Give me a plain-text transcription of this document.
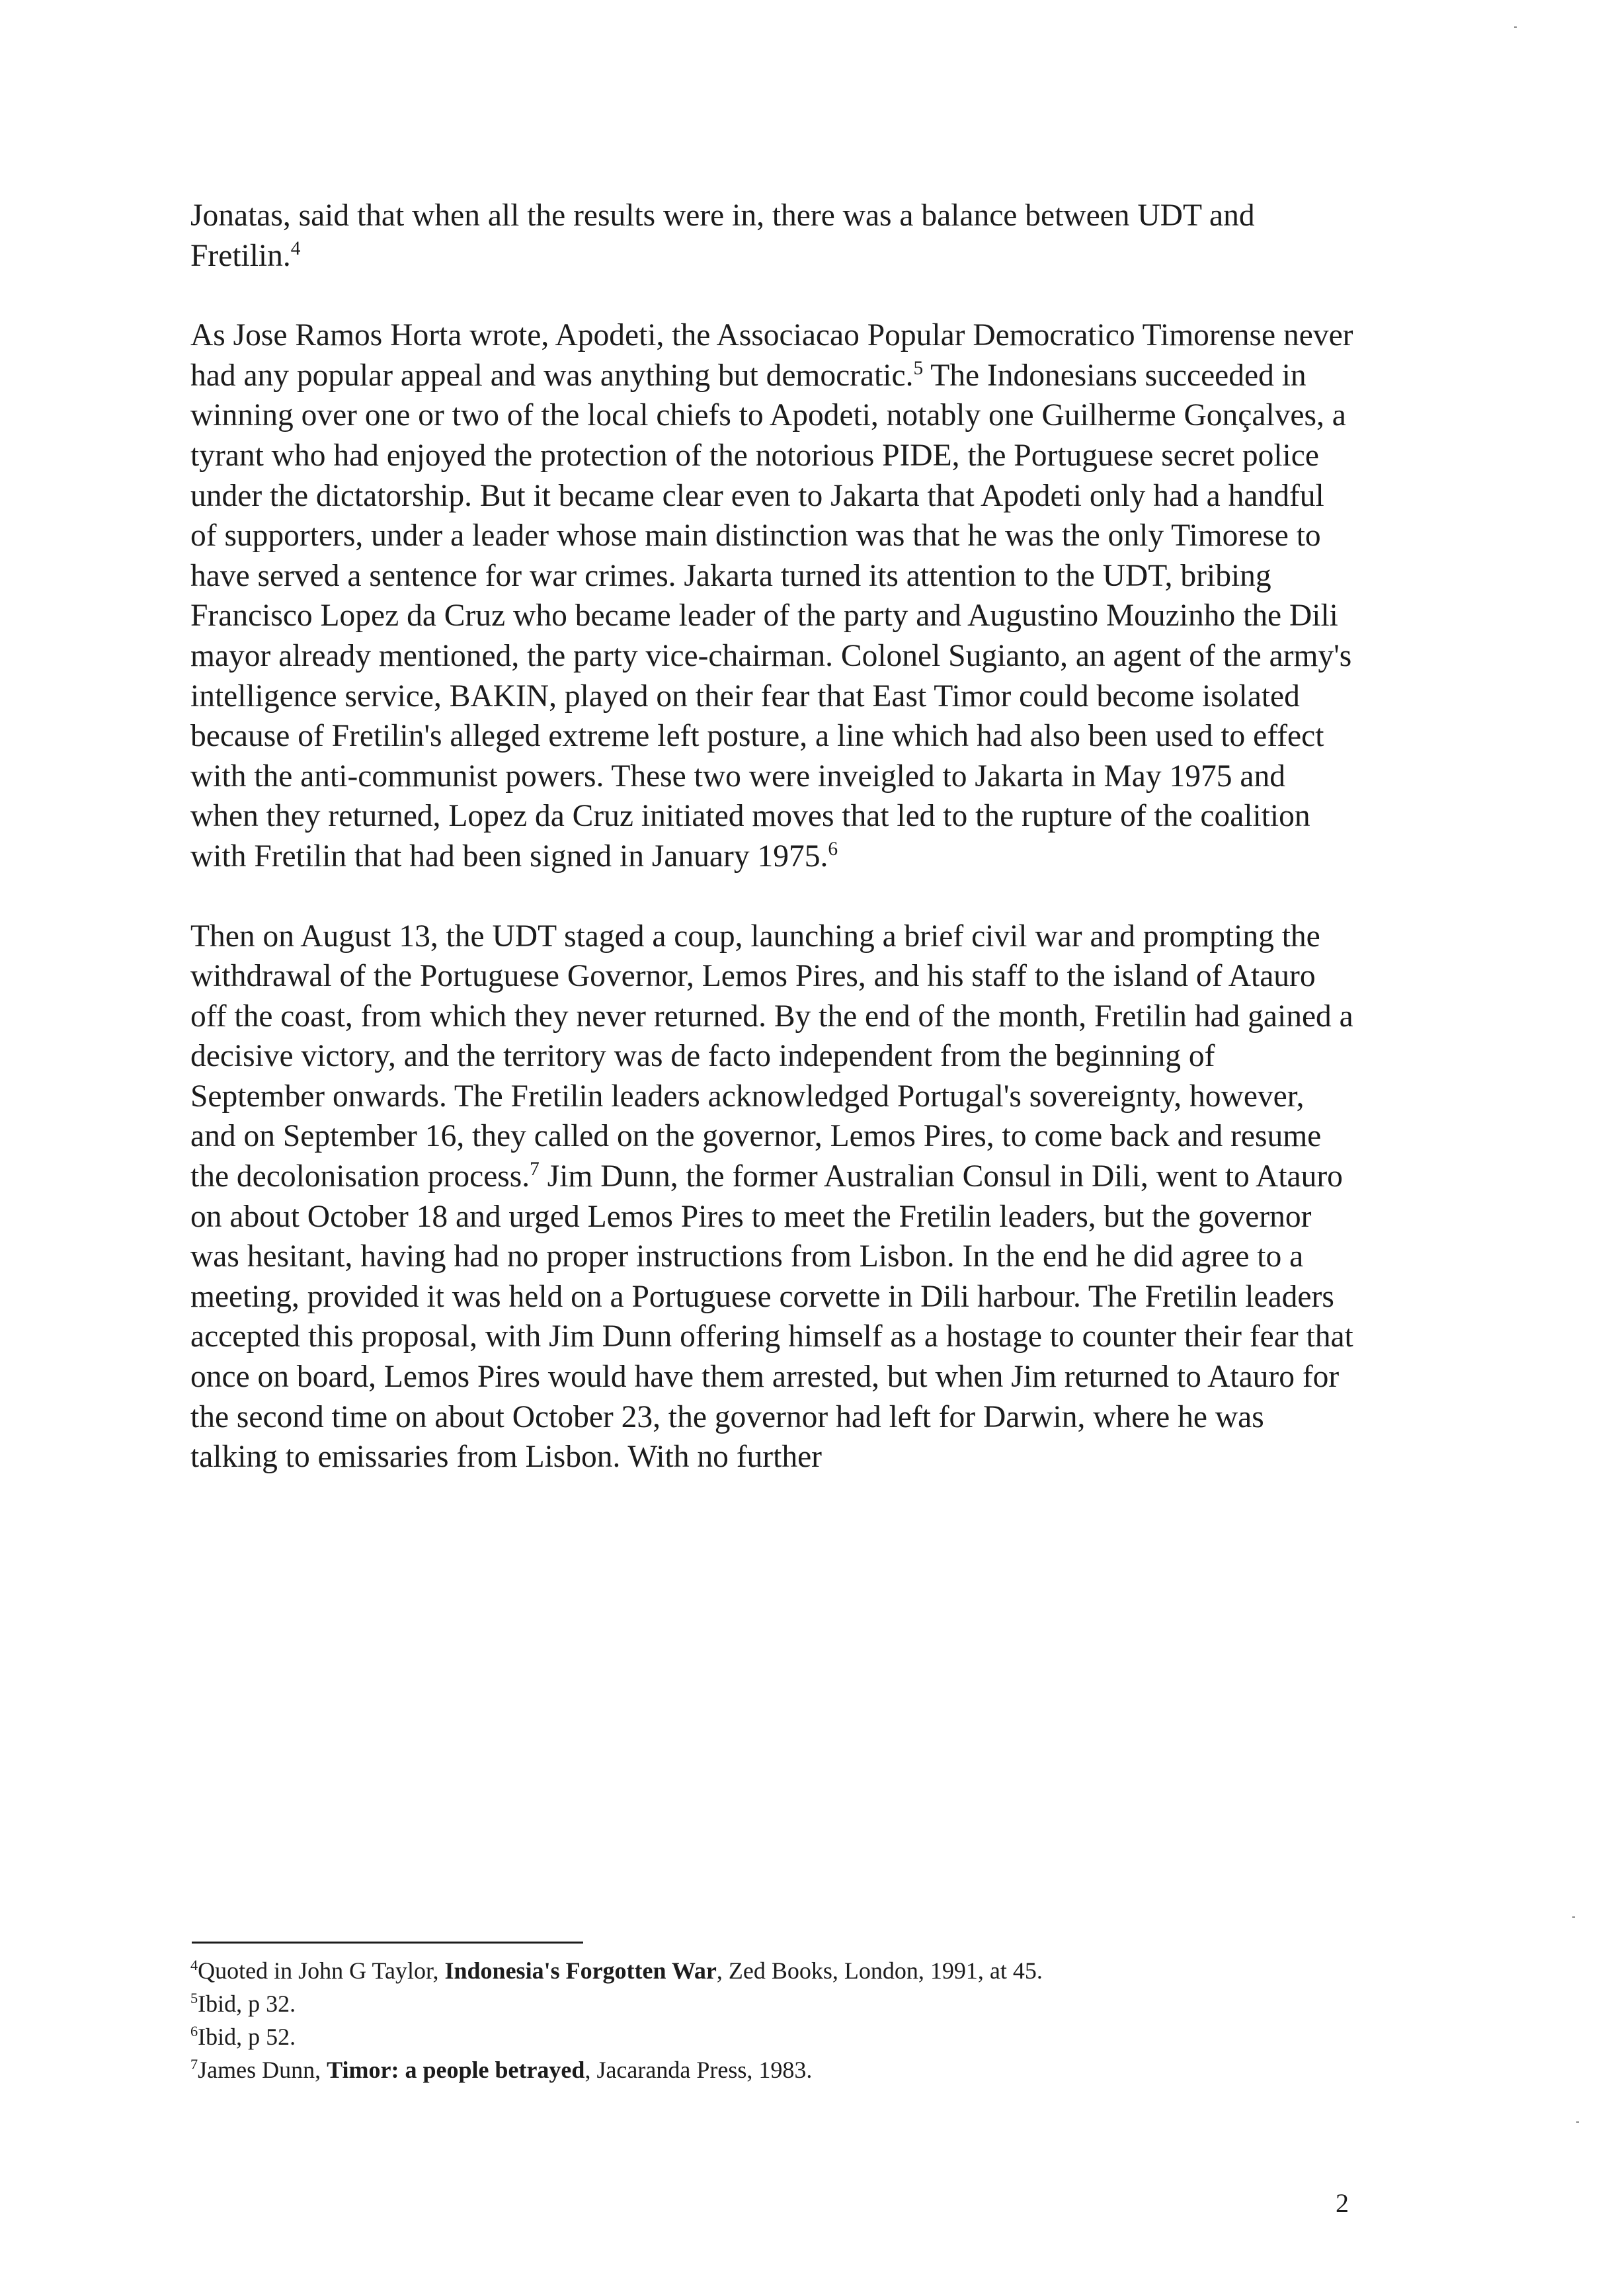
Jonatas, said that when all the results were in, there was a balance between UDT and Fretilin.$^4$

As Jose Ramos Horta wrote, Apodeti, the Associacao Popular Democratico Timorense never had any popular appeal and was anything but democratic.$^5$ The Indonesians succeeded in winning over one or two of the local chiefs to Apodeti, notably one Guilherme Gonçalves, a tyrant who had enjoyed the protection of the notorious PIDE, the Portuguese secret police under the dictatorship. But it became clear even to Jakarta that Apodeti only had a handful of supporters, under a leader whose main distinction was that he was the only Timorese to have served a sentence for war crimes. Jakarta turned its attention to the UDT, bribing Francisco Lopez da Cruz who became leader of the party and Augustino Mouzinho the Dili mayor already mentioned, the party vice-chairman. Colonel Sugianto, an agent of the army's intelligence service, BAKIN, played on their fear that East Timor could become isolated because of Fretilin's alleged extreme left posture, a line which had also been used to effect with the anti-communist powers. These two were inveigled to Jakarta in May 1975 and when they returned, Lopez da Cruz initiated moves that led to the rupture of the coalition with Fretilin that had been signed in January 1975.$^6$

Then on August 13, the UDT staged a coup, launching a brief civil war and prompting the withdrawal of the Portuguese Governor, Lemos Pires, and his staff to the island of Atauro off the coast, from which they never returned. By the end of the month, Fretilin had gained a decisive victory, and the territory was de facto independent from the beginning of September onwards. The Fretilin leaders acknowledged Portugal's sovereignty, however, and on September 16, they called on the governor, Lemos Pires, to come back and resume the decolonisation process.$^7$ Jim Dunn, the former Australian Consul in Dili, went to Atauro on about October 18 and urged Lemos Pires to meet the Fretilin leaders, but the governor was hesitant, having had no proper instructions from Lisbon. In the end he did agree to a meeting, provided it was held on a Portuguese corvette in Dili harbour. The Fretilin leaders accepted this proposal, with Jim Dunn offering himself as a hostage to counter their fear that once on board, Lemos Pires would have them arrested, but when Jim returned to Atauro for the second time on about October 23, the governor had left for Darwin, where he was talking to emissaries from Lisbon. With no further

$^4$Quoted in John G Taylor, Indonesia's Forgotten War, Zed Books, London, 1991, at 45.
$^5$Ibid, p 32.
$^6$Ibid, p 52.
$^7$James Dunn, Timor: a people betrayed, Jacaranda Press, 1983.
2
